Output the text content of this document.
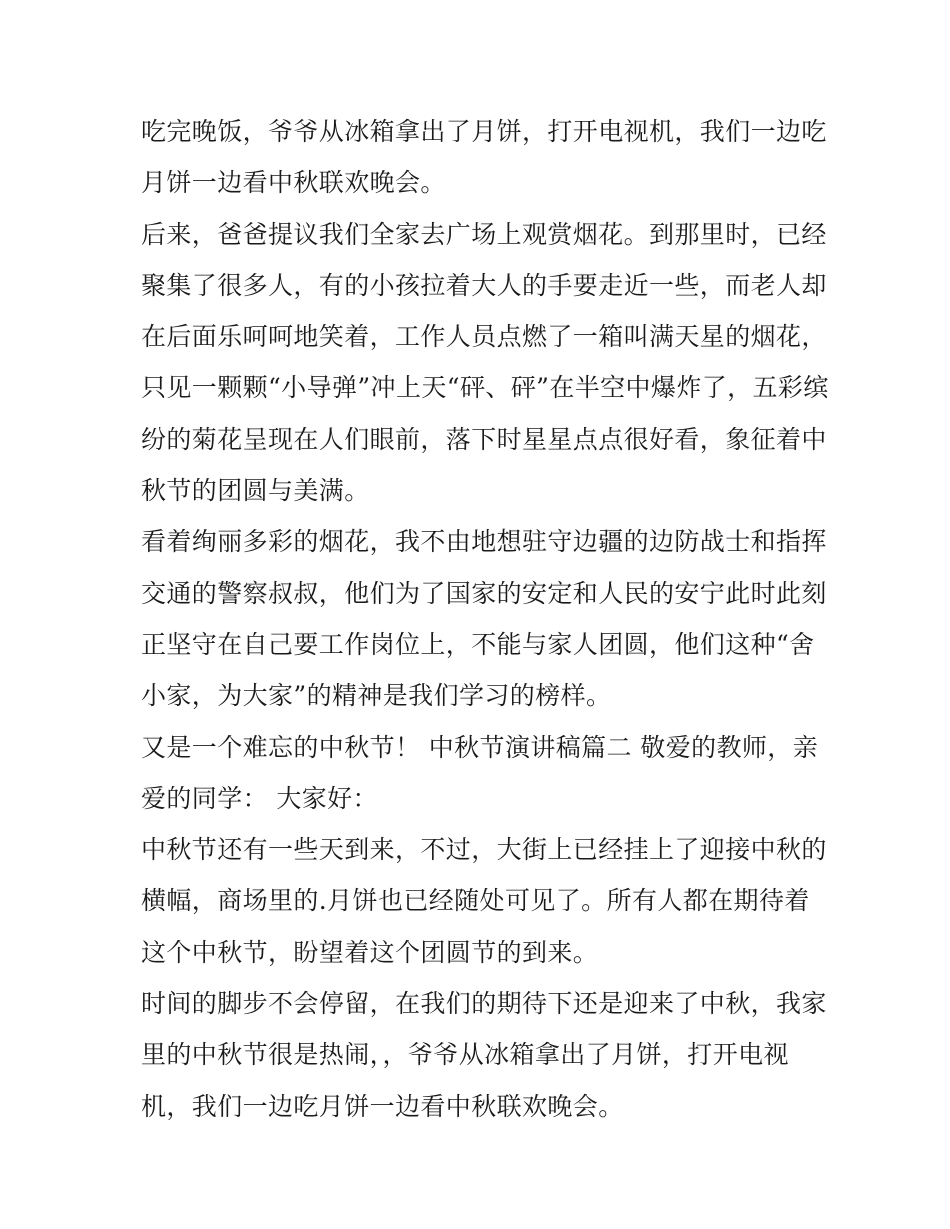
吃完晚饭，爷爷从冰箱拿出了月饼，打开电视机，我们一边吃
月饼一边看中秋联欢晚会。
后来，爸爸提议我们全家去广场上观赏烟花。到那里时，已经
聚集了很多人，有的小孩拉着大人的手要走近一些，而老人却
在后面乐呵呵地笑着，工作人员点燃了一箱叫满天星的烟花，
只见一颗颗“小导弹”冲上天“砰、砰”在半空中爆炸了，五彩缤
纷的菊花呈现在人们眼前，落下时星星点点很好看，象征着中
秋节的团圆与美满。
看着绚丽多彩的烟花，我不由地想驻守边疆的边防战士和指挥
交通的警察叔叔，他们为了国家的安定和人民的安宁此时此刻
正坚守在自己要工作岗位上，不能与家人团圆，他们这种“舍
小家，为大家”的精神是我们学习的榜样。
又是一个难忘的中秋节！ 中秋节演讲稿篇二 敬爱的教师，亲
爱的同学： 大家好：
中秋节还有一些天到来，不过，大街上已经挂上了迎接中秋的
横幅，商场里的.月饼也已经随处可见了。所有人都在期待着
这个中秋节，盼望着这个团圆节的到来。
时间的脚步不会停留，在我们的期待下还是迎来了中秋，我家
里的中秋节很是热闹，，爷爷从冰箱拿出了月饼，打开电视
机，我们一边吃月饼一边看中秋联欢晚会。
